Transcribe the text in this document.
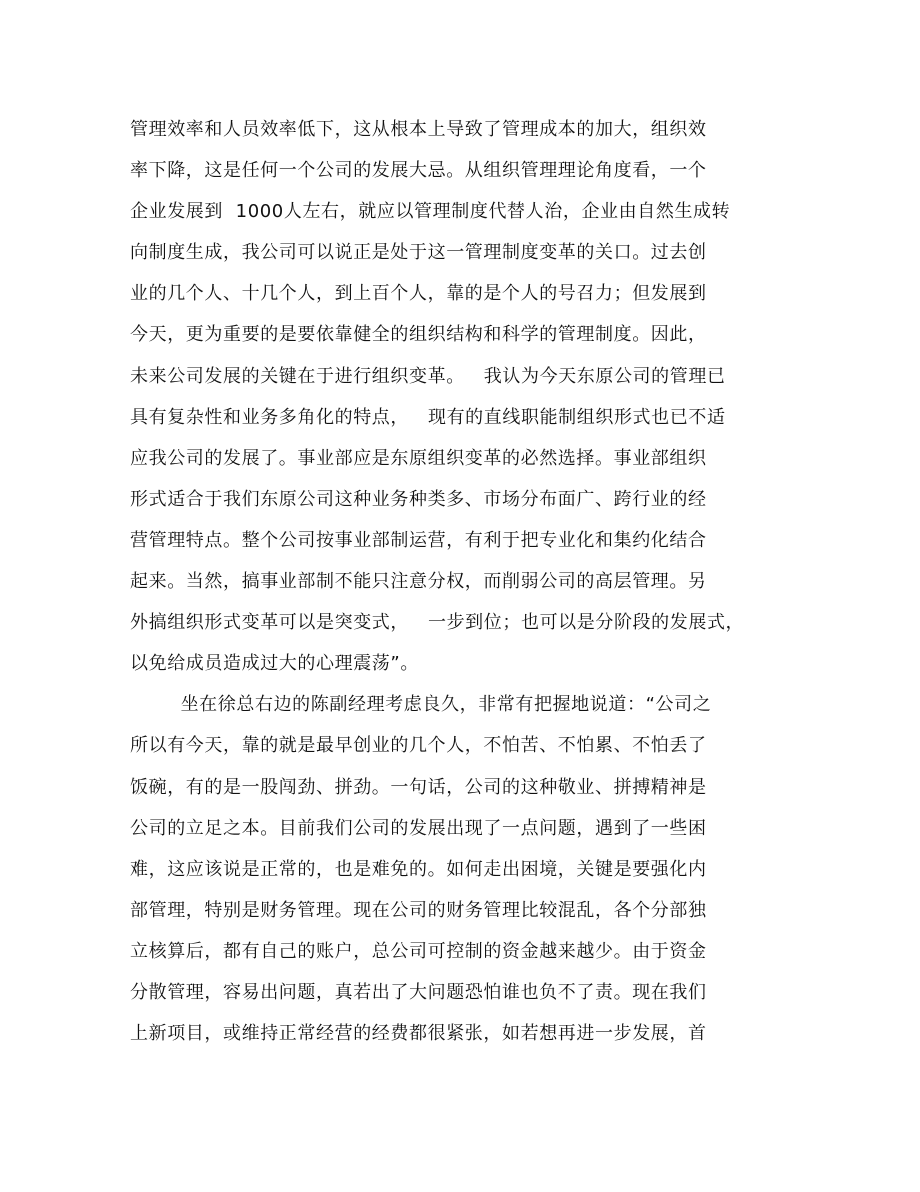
管理效率和人员效率低下，这从根本上导致了管理成本的加大，组织效
率下降，这是任何一个公司的发展大忌。从组织管理理论角度看，一个
企业发展到  1000人左右，就应以管理制度代替人治，企业由自然生成转
向制度生成，我公司可以说正是处于这一管理制度变革的关口。过去创
业的几个人、十几个人，到上百个人，靠的是个人的号召力；但发展到
今天，更为重要的是要依靠健全的组织结构和科学的管理制度。因此，
未来公司发展的关键在于进行组织变革。   我认为今天东原公司的管理已
具有复杂性和业务多角化的特点，   现有的直线职能制组织形式也已不适
应我公司的发展了。事业部应是东原组织变革的必然选择。事业部组织
形式适合于我们东原公司这种业务种类多、市场分布面广、跨行业的经
营管理特点。整个公司按事业部制运营，有利于把专业化和集约化结合
起来。当然，搞事业部制不能只注意分权，而削弱公司的高层管理。另
外搞组织形式变革可以是突变式，   一步到位；也可以是分阶段的发展式，
以免给成员造成过大的心理震荡”。
坐在徐总右边的陈副经理考虑良久，非常有把握地说道：“公司之
所以有今天，靠的就是最早创业的几个人，不怕苦、不怕累、不怕丢了
饭碗，有的是一股闯劲、拼劲。一句话，公司的这种敬业、拼搏精神是
公司的立足之本。目前我们公司的发展出现了一点问题，遇到了一些困
难，这应该说是正常的，也是难免的。如何走出困境，关键是要强化内
部管理，特别是财务管理。现在公司的财务管理比较混乱，各个分部独
立核算后，都有自己的账户，总公司可控制的资金越来越少。由于资金
分散管理，容易出问题，真若出了大问题恐怕谁也负不了责。现在我们
上新项目，或维持正常经营的经费都很紧张，如若想再进一步发展，首
